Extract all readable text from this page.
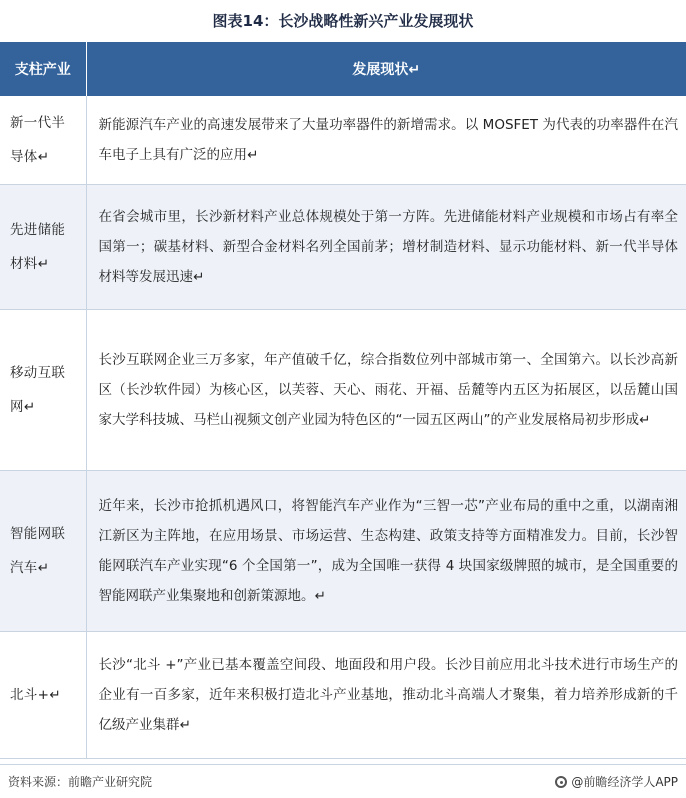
图表14：长沙战略性新兴产业发展现状
支柱产业	发展现状↵
新一代半导体↵	新能源汽车产业的高速发展带来了大量功率器件的新增需求。以 MOSFET 为代表的功率器件在汽车电子上具有广泛的应用↵
先进储能材料↵	在省会城市里，长沙新材料产业总体规模处于第一方阵。先进储能材料产业规模和市场占有率全国第一；碳基材料、新型合金材料名列全国前茅；增材制造材料、显示功能材料、新一代半导体材料等发展迅速↵
移动互联网↵	长沙互联网企业三万多家，年产值破千亿，综合指数位列中部城市第一、全国第六。以长沙高新区（长沙软件园）为核心区，以芙蓉、天心、雨花、开福、岳麓等内五区为拓展区，以岳麓山国家大学科技城、马栏山视频文创产业园为特色区的“一园五区两山”的产业发展格局初步形成↵
智能网联汽车↵	近年来，长沙市抢抓机遇风口，将智能汽车产业作为“三智一芯”产业布局的重中之重，以湖南湘江新区为主阵地，在应用场景、市场运营、生态构建、政策支持等方面精准发力。目前，长沙智能网联汽车产业实现“6 个全国第一”，成为全国唯一获得 4 块国家级牌照的城市，是全国重要的智能网联产业集聚地和创新策源地。↵
北斗+↵	长沙“北斗 +”产业已基本覆盖空间段、地面段和用户段。长沙目前应用北斗技术进行市场生产的企业有一百多家，近年来积极打造北斗产业基地，推动北斗高端人才聚集，着力培养形成新的千亿级产业集群↵
资料来源：前瞻产业研究院	@前瞻经济学人APP
